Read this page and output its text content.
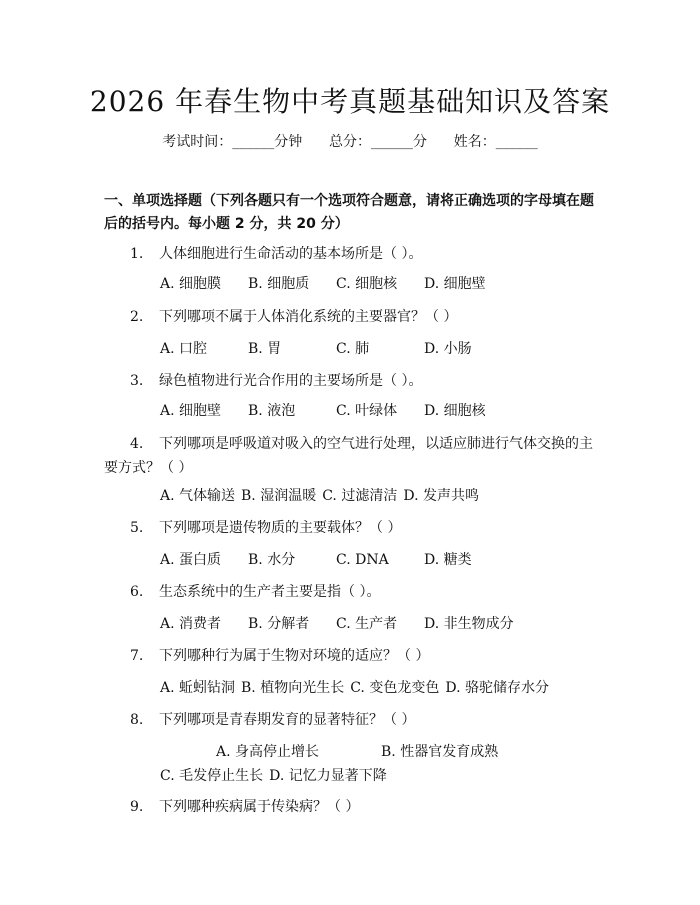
2026 年春生物中考真题基础知识及答案
考试时间：______分钟 总分：______分 姓名：______
一、单项选择题（下列各题只有一个选项符合题意，请将正确选项的字母填在题后的括号内。每小题 2 分，共 20 分）
1. 人体细胞进行生命活动的基本场所是（ ）。
A. 细胞膜 B. 细胞质 C. 细胞核 D. 细胞壁
2. 下列哪项不属于人体消化系统的主要器官？（ ）
A. 口腔	B. 胃	C. 肺	D. 小肠
3. 绿色植物进行光合作用的主要场所是（ ）。
A. 细胞壁 B. 液泡	C. 叶绿体 D. 细胞核
4. 下列哪项是呼吸道对吸入的空气进行处理，以适应肺进行气体交换的主要方式？（ ）
A. 气体输送 B. 湿润温暖 C. 过滤清洁 D. 发声共鸣
5. 下列哪项是遗传物质的主要载体？（ ）
A. 蛋白质 B. 水分	C. DNA	D. 糖类
6. 生态系统中的生产者主要是指（ ）。
A. 消费者 B. 分解者 C. 生产者 D. 非生物成分
7. 下列哪种行为属于生物对环境的适应？（ ）
A. 蚯蚓钻洞 B. 植物向光生长 C. 变色龙变色 D. 骆驼储存水分
8. 下列哪项是青春期发育的显著特征？（ ）
A. 身高停止增长	B. 性器官发育成熟C. 毛发停止生长 D. 记忆力显著下降
9. 下列哪种疾病属于传染病？（ ）
